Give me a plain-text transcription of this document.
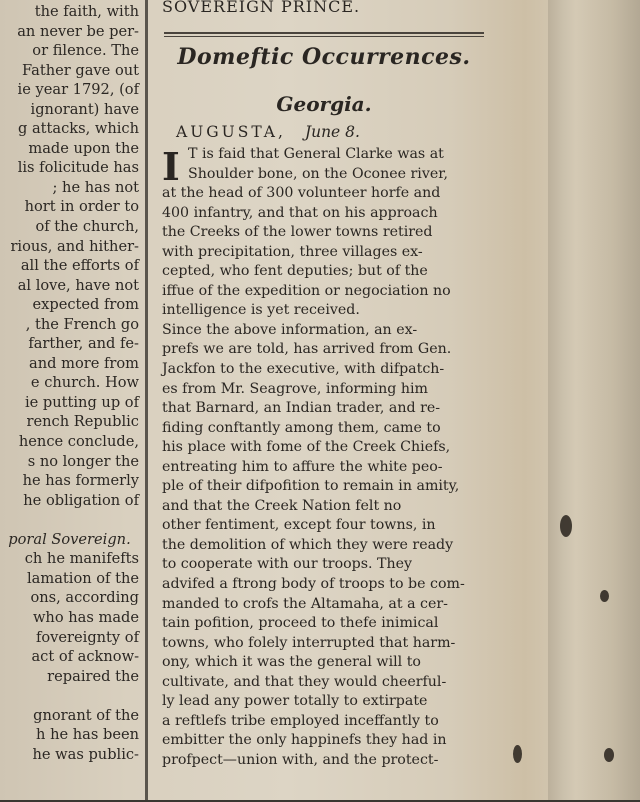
the faith, with
an never be per-
or filence. The
Father gave out
ie year 1792, (of
ignorant) have
g attacks, which
made upon the
lis folicitude has
; he has not
hort in order to
of the church,
rious, and hither-
all the efforts of
al love, have not
expected from
, the French go
farther, and fe-
and more from
e church. How
ie putting up of
rench Republic
hence conclude,
s no longer the
he has formerly
he obligation of

poral Sovereign.
ch he manifefts
lamation of the
ons, according
who has made
fovereignty of
act of acknow-
repaired the

gnorant of the
h he has been
he was public-
SOVEREIGN PRINCE.
Domeftic Occurrences.
Georgia.
AUGUSTA, June 8.
I T is faid that General Clarke was at
Shoulder bone, on the Oconee river,
at the head of 300 volunteer horfe and
400 infantry, and that on his approach
the Creeks of the lower towns retired
with precipitation, three villages ex-
cepted, who fent deputies; but of the
iffue of the expedition or negociation no
intelligence is yet received.
Since the above information, an ex-
prefs we are told, has arrived from Gen.
Jackfon to the executive, with difpatch-
es from Mr. Seagrove, informing him
that Barnard, an Indian trader, and re-
fiding conftantly among them, came to
his place with fome of the Creek Chiefs,
entreating him to affure the white peo-
ple of their difpofition to remain in amity,
and that the Creek Nation felt no
other fentiment, except four towns, in
the demolition of which they were ready
to cooperate with our troops. They
advifed a ftrong body of troops to be com-
manded to crofs the Altamaha, at a cer-
tain pofition, proceed to thefe inimical
towns, who folely interrupted that harm-
ony, which it was the general will to
cultivate, and that they would cheerful-
ly lead any power totally to extirpate
a reftlefs tribe employed inceffantly to
embitter the only happinefs they had in
profpect—union with, and the protect-
